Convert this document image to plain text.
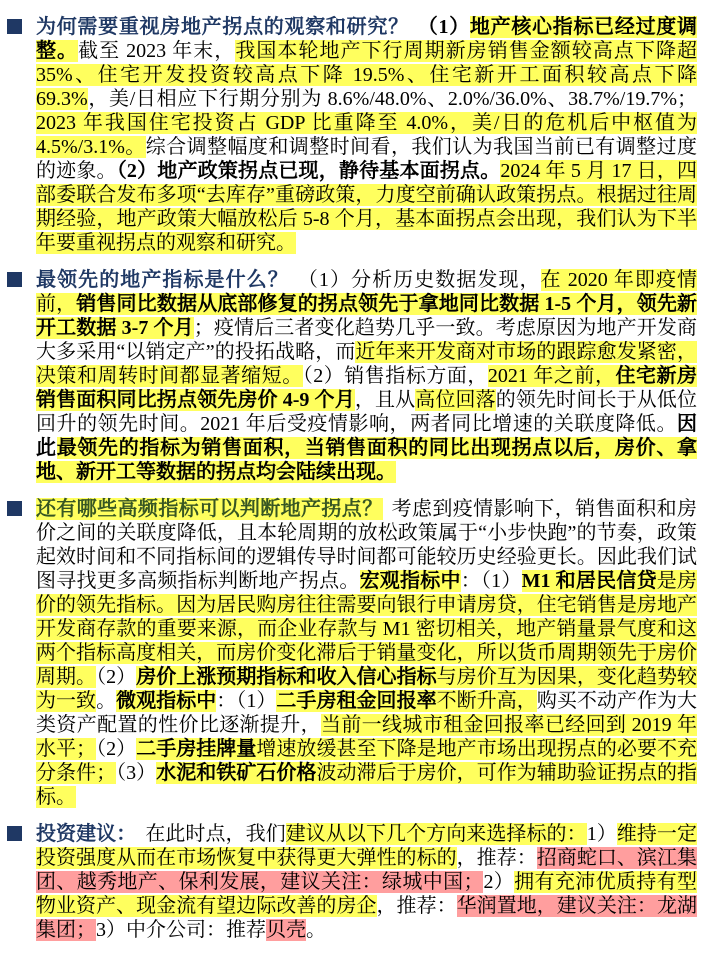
为何需要重视房地产拐点的观察和研究？ （1）地产核心指标已经过度调整。截至 2023 年末，我国本轮地产下行周期新房销售金额较高点下降超 35%、住宅开发投资较高点下降 19.5%、住宅新开工面积较高点下降 69.3%，美/日相应下行期分别为 8.6%/48.0%、2.0%/36.0%、38.7%/19.7%；2023 年我国住宅投资占 GDP 比重降至 4.0%，美/日的危机后中枢值为 4.5%/3.1%。综合调整幅度和调整时间看，我们认为我国当前已有调整过度的迹象。（2）地产政策拐点已现，静待基本面拐点。2024 年 5 月 17 日，四部委联合发布多项“去库存”重磅政策，力度空前确认政策拐点。根据过往周期经验，地产政策大幅放松后 5-8 个月，基本面拐点会出现，我们认为下半年要重视拐点的观察和研究。
最领先的地产指标是什么？ （1）分析历史数据发现，在 2020 年即疫情前，销售同比数据从底部修复的拐点领先于拿地同比数据 1-5 个月，领先新开工数据 3-7 个月；疫情后三者变化趋势几乎一致。考虑原因为地产开发商大多采用“以销定产”的投拓战略，而近年来开发商对市场的跟踪愈发紧密，决策和周转时间都显著缩短。（2）销售指标方面，2021 年之前，住宅新房销售面积同比拐点领先房价 4-9 个月，且从高位回落的领先时间长于从低位回升的领先时间。2021 年后受疫情影响，两者同比增速的关联度降低。因此最领先的指标为销售面积，当销售面积的同比出现拐点以后，房价、拿地、新开工等数据的拐点均会陆续出现。
还有哪些高频指标可以判断地产拐点？ 考虑到疫情影响下，销售面积和房价之间的关联度降低，且本轮周期的放松政策属于“小步快跑”的节奏，政策起效时间和不同指标间的逻辑传导时间都可能较历史经验更长。因此我们试图寻找更多高频指标判断地产拐点。宏观指标中：（1）M1 和居民信贷是房价的领先指标。因为居民购房往往需要向银行申请房贷，住宅销售是房地产开发商存款的重要来源，而企业存款与 M1 密切相关，地产销量景气度和这两个指标高度相关，而房价变化滞后于销量变化，所以货币周期领先于房价周期。（2）房价上涨预期指标和收入信心指标与房价互为因果，变化趋势较为一致。微观指标中：（1）二手房租金回报率不断升高，购买不动产作为大类资产配置的性价比逐渐提升，当前一线城市租金回报率已经回到 2019 年水平；（2）二手房挂牌量增速放缓甚至下降是地产市场出现拐点的必要不充分条件；（3）水泥和铁矿石价格波动滞后于房价，可作为辅助验证拐点的指标。
投资建议： 在此时点，我们建议从以下几个方向来选择标的：1）维持一定投资强度从而在市场恢复中获得更大弹性的标的，推荐：招商蛇口、滨江集团、越秀地产、保利发展，建议关注：绿城中国；2）拥有充沛优质持有型物业资产、现金流有望边际改善的房企，推荐：华润置地，建议关注：龙湖集团；3）中介公司：推荐贝壳。
